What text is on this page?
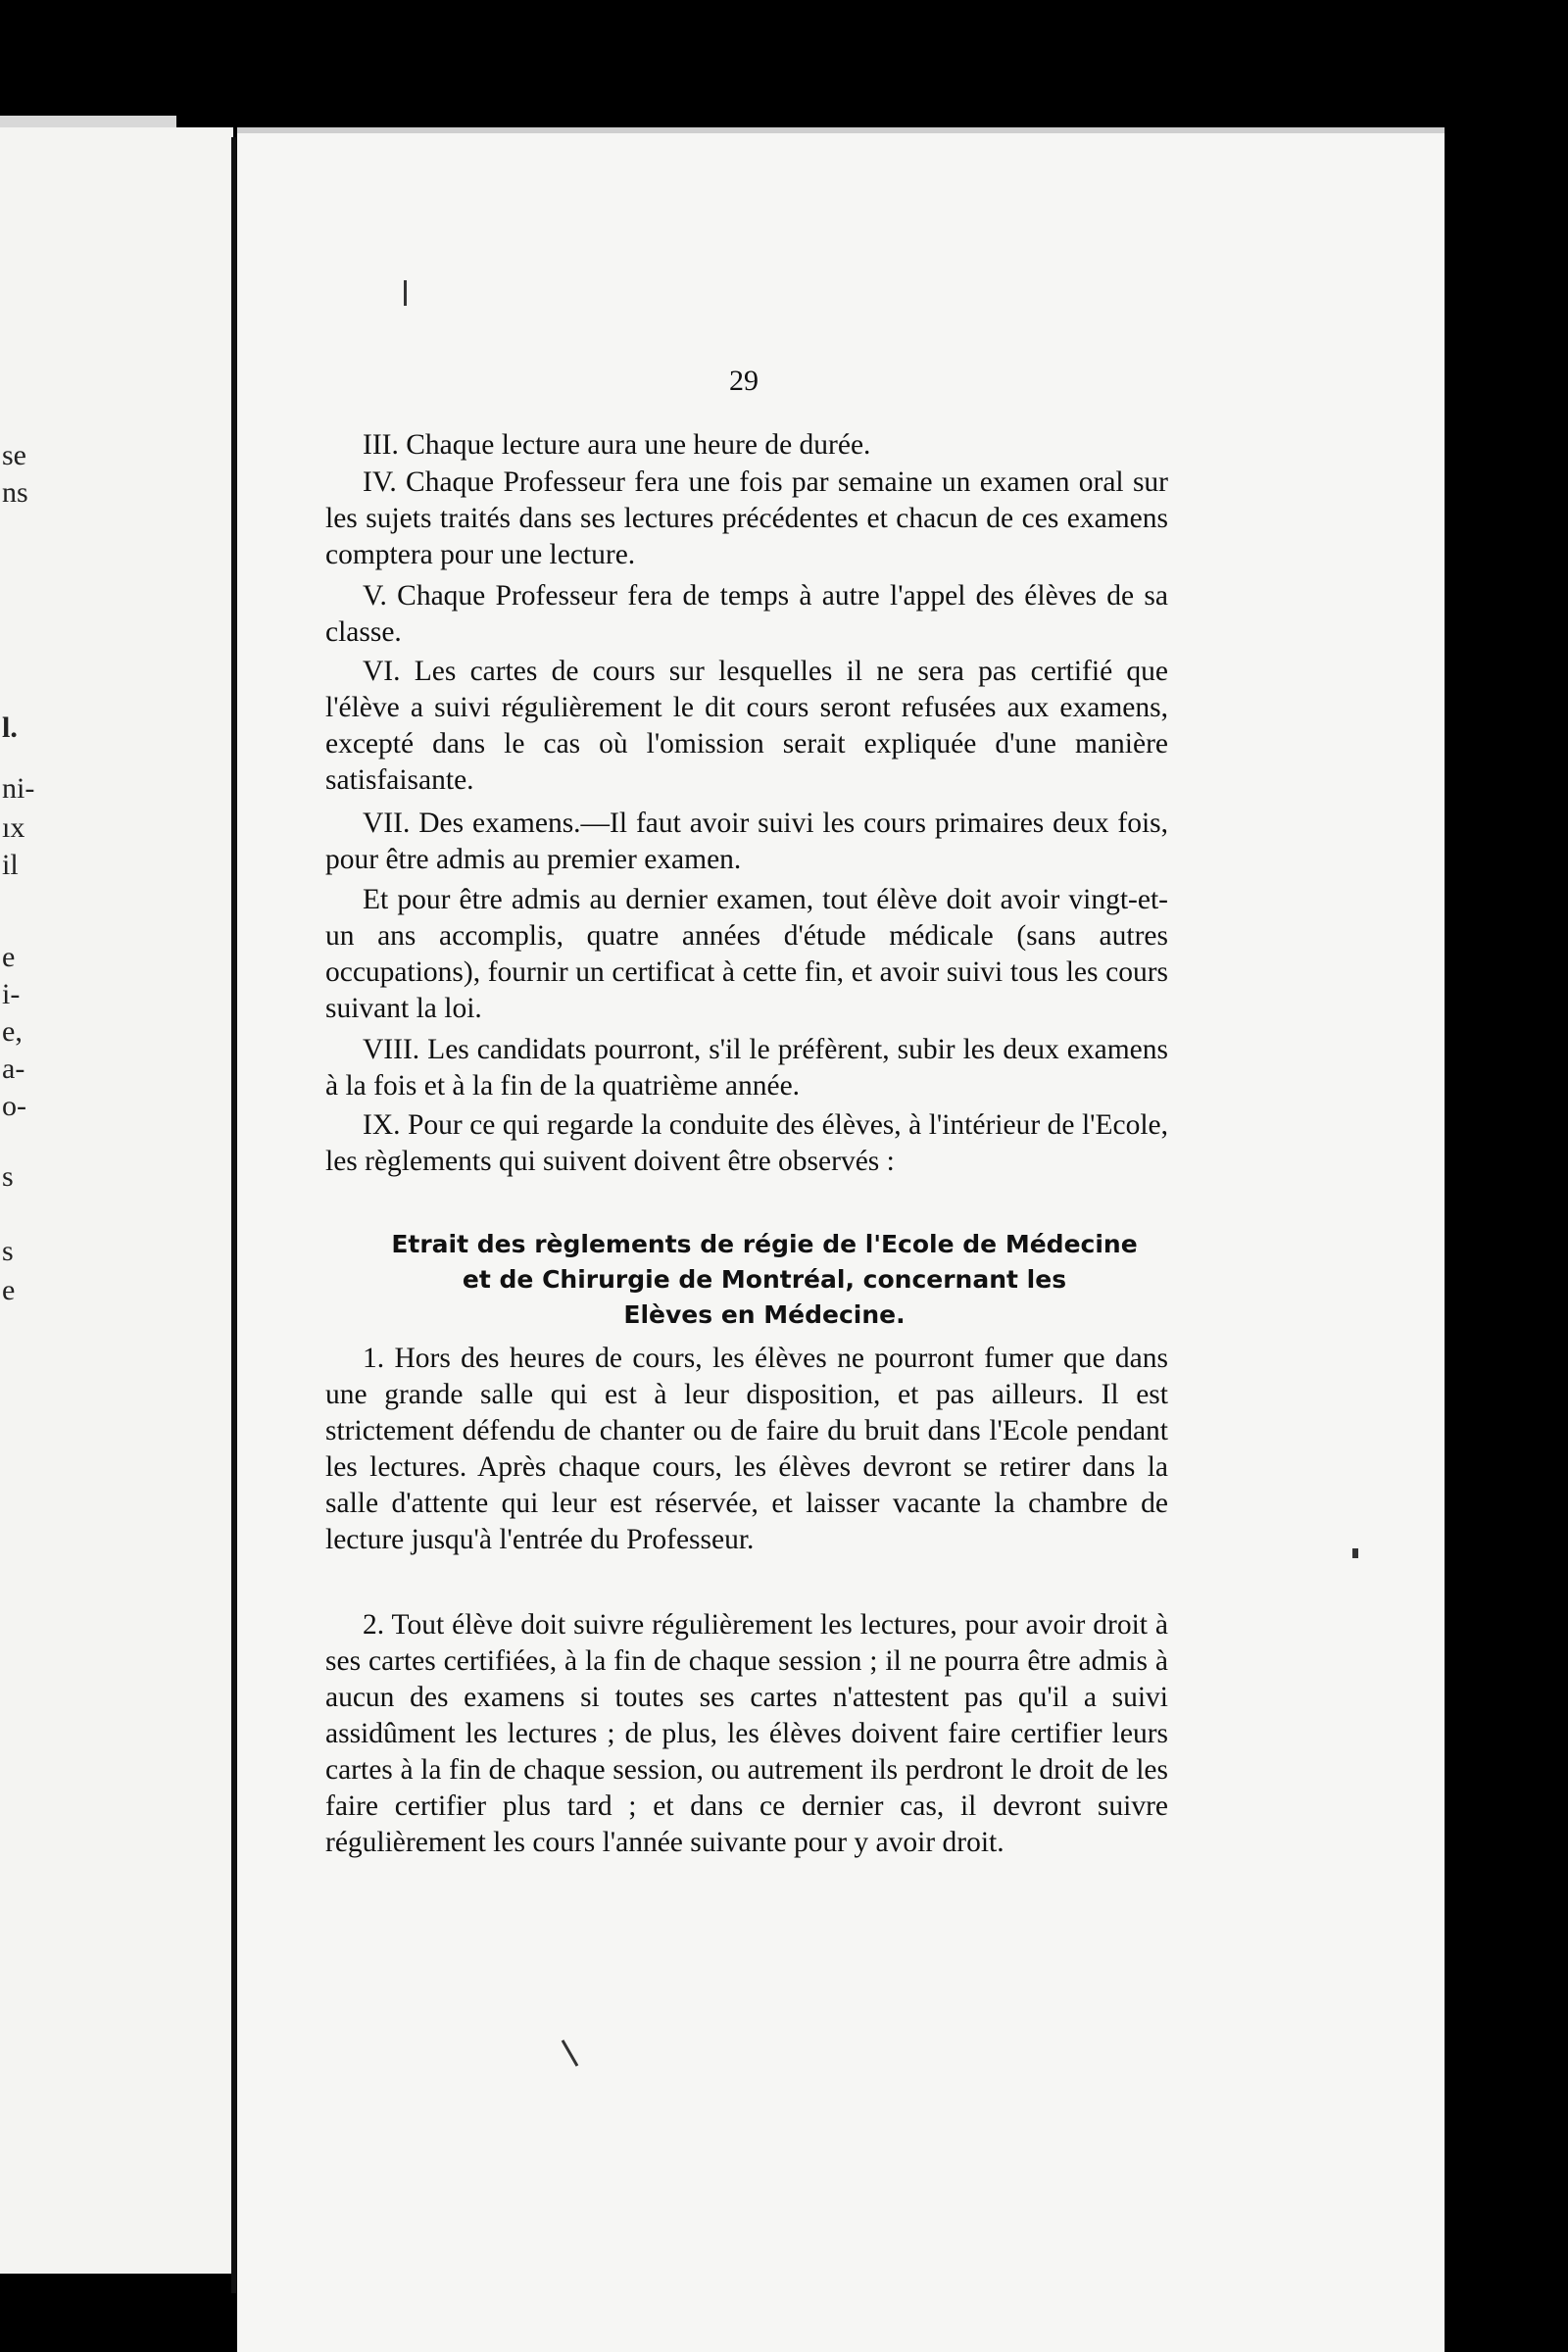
se
ns
l.
ni-
ıx
il
e
i-
e,
a-
o-
s
s
e
29

III. Chaque lecture aura une heure de durée.

IV. Chaque Professeur fera une fois par semaine un examen oral sur les sujets traités dans ses lectures précédentes et chacun de ces examens comptera pour une lecture.

V. Chaque Professeur fera de temps à autre l'appel des élèves de sa classe.

VI. Les cartes de cours sur lesquelles il ne sera pas certifié que l'élève a suivi régulièrement le dit cours seront refusées aux examens, excepté dans le cas où l'omission serait expliquée d'une manière satisfaisante.

VII. Des examens.—Il faut avoir suivi les cours primaires deux fois, pour être admis au premier examen.

Et pour être admis au dernier examen, tout élève doit avoir vingt-et-un ans accomplis, quatre années d'étude médicale (sans autres occupations), fournir un certificat à cette fin, et avoir suivi tous les cours suivant la loi.

VIII. Les candidats pourront, s'il le préfèrent, subir les deux examens à la fois et à la fin de la quatrième année.

IX. Pour ce qui regarde la conduite des élèves, à l'intérieur de l'Ecole, les règlements qui suivent doivent être observés :

Etrait des règlements de régie de l'Ecole de Médecine
et de Chirurgie de Montréal, concernant les
Elèves en Médecine.

1. Hors des heures de cours, les élèves ne pourront fumer que dans une grande salle qui est à leur disposition, et pas ailleurs. Il est strictement défendu de chanter ou de faire du bruit dans l'Ecole pendant les lectures. Après chaque cours, les élèves devront se retirer dans la salle d'attente qui leur est réservée, et laisser vacante la chambre de lecture jusqu'à l'entrée du Professeur.

2. Tout élève doit suivre régulièrement les lectures, pour avoir droit à ses cartes certifiées, à la fin de chaque session ; il ne pourra être admis à aucun des examens si toutes ses cartes n'attestent pas qu'il a suivi assidûment les lectures ; de plus, les élèves doivent faire certifier leurs cartes à la fin de chaque session, ou autrement ils perdront le droit de les faire certifier plus tard ; et dans ce dernier cas, il devront suivre régulièrement les cours l'année suivante pour y avoir droit.
